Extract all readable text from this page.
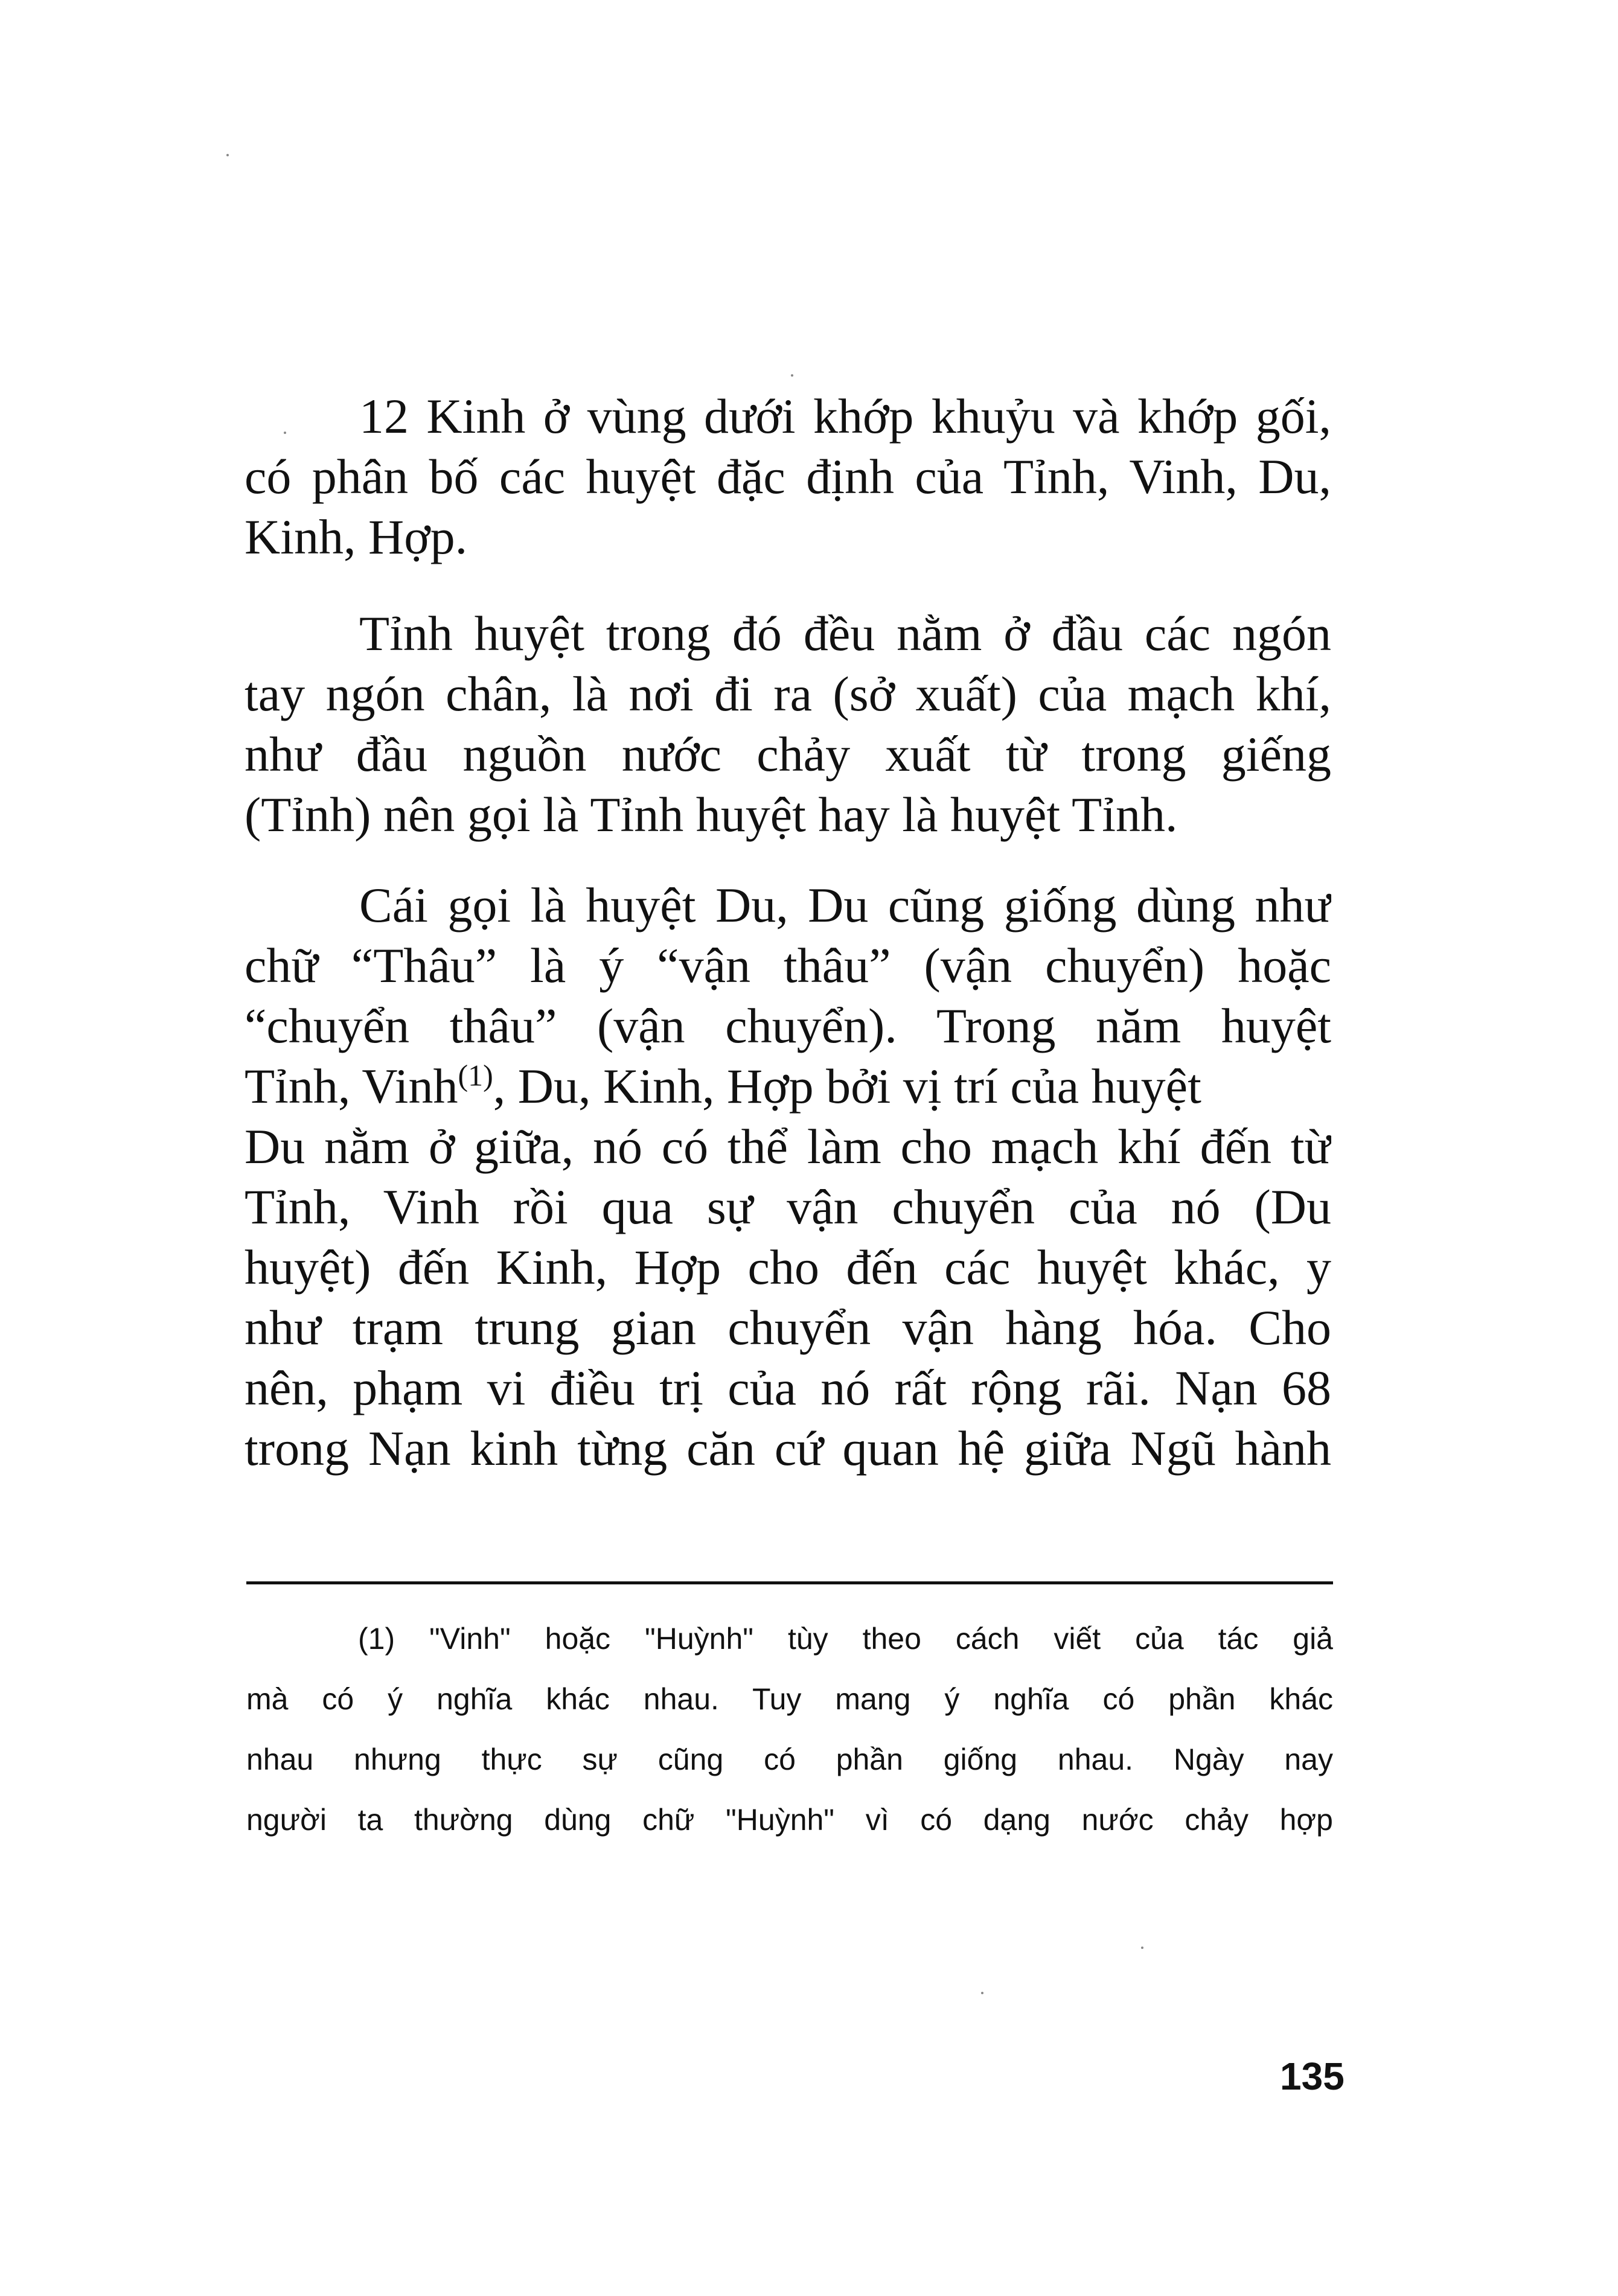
12 Kinh ở vùng dưới khớp khuỷu và khớp gối,
có phân bố các huyệt đặc định của Tỉnh, Vinh, Du,
Kinh, Hợp.
Tỉnh huyệt trong đó đều nằm ở đầu các ngón
tay ngón chân, là nơi đi ra (sở xuất) của mạch khí,
như đầu nguồn nước chảy xuất từ trong giếng
(Tỉnh) nên gọi là Tỉnh huyệt hay là huyệt Tỉnh.
Cái gọi là huyệt Du, Du cũng giống dùng như
chữ “Thâu” là ý “vận thâu” (vận chuyển) hoặc
“chuyển thâu” (vận chuyển). Trong năm huyệt
Tỉnh, Vinh$^{(1)}$, Du, Kinh, Hợp bởi vị trí của huyệt
Du nằm ở giữa, nó có thể làm cho mạch khí đến từ
Tỉnh, Vinh rồi qua sự vận chuyển của nó (Du
huyệt) đến Kinh, Hợp cho đến các huyệt khác, y
như trạm trung gian chuyển vận hàng hóa. Cho
nên, phạm vi điều trị của nó rất rộng rãi. Nạn 68
trong Nạn kinh từng căn cứ quan hệ giữa Ngũ hành
(1) "Vinh" hoặc "Huỳnh" tùy theo cách viết của tác giả
mà có ý nghĩa khác nhau. Tuy mang ý nghĩa có phần khác
nhau nhưng thực sự cũng có phần giống nhau. Ngày nay
người ta thường dùng chữ "Huỳnh" vì có dạng nước chảy hợp
135
